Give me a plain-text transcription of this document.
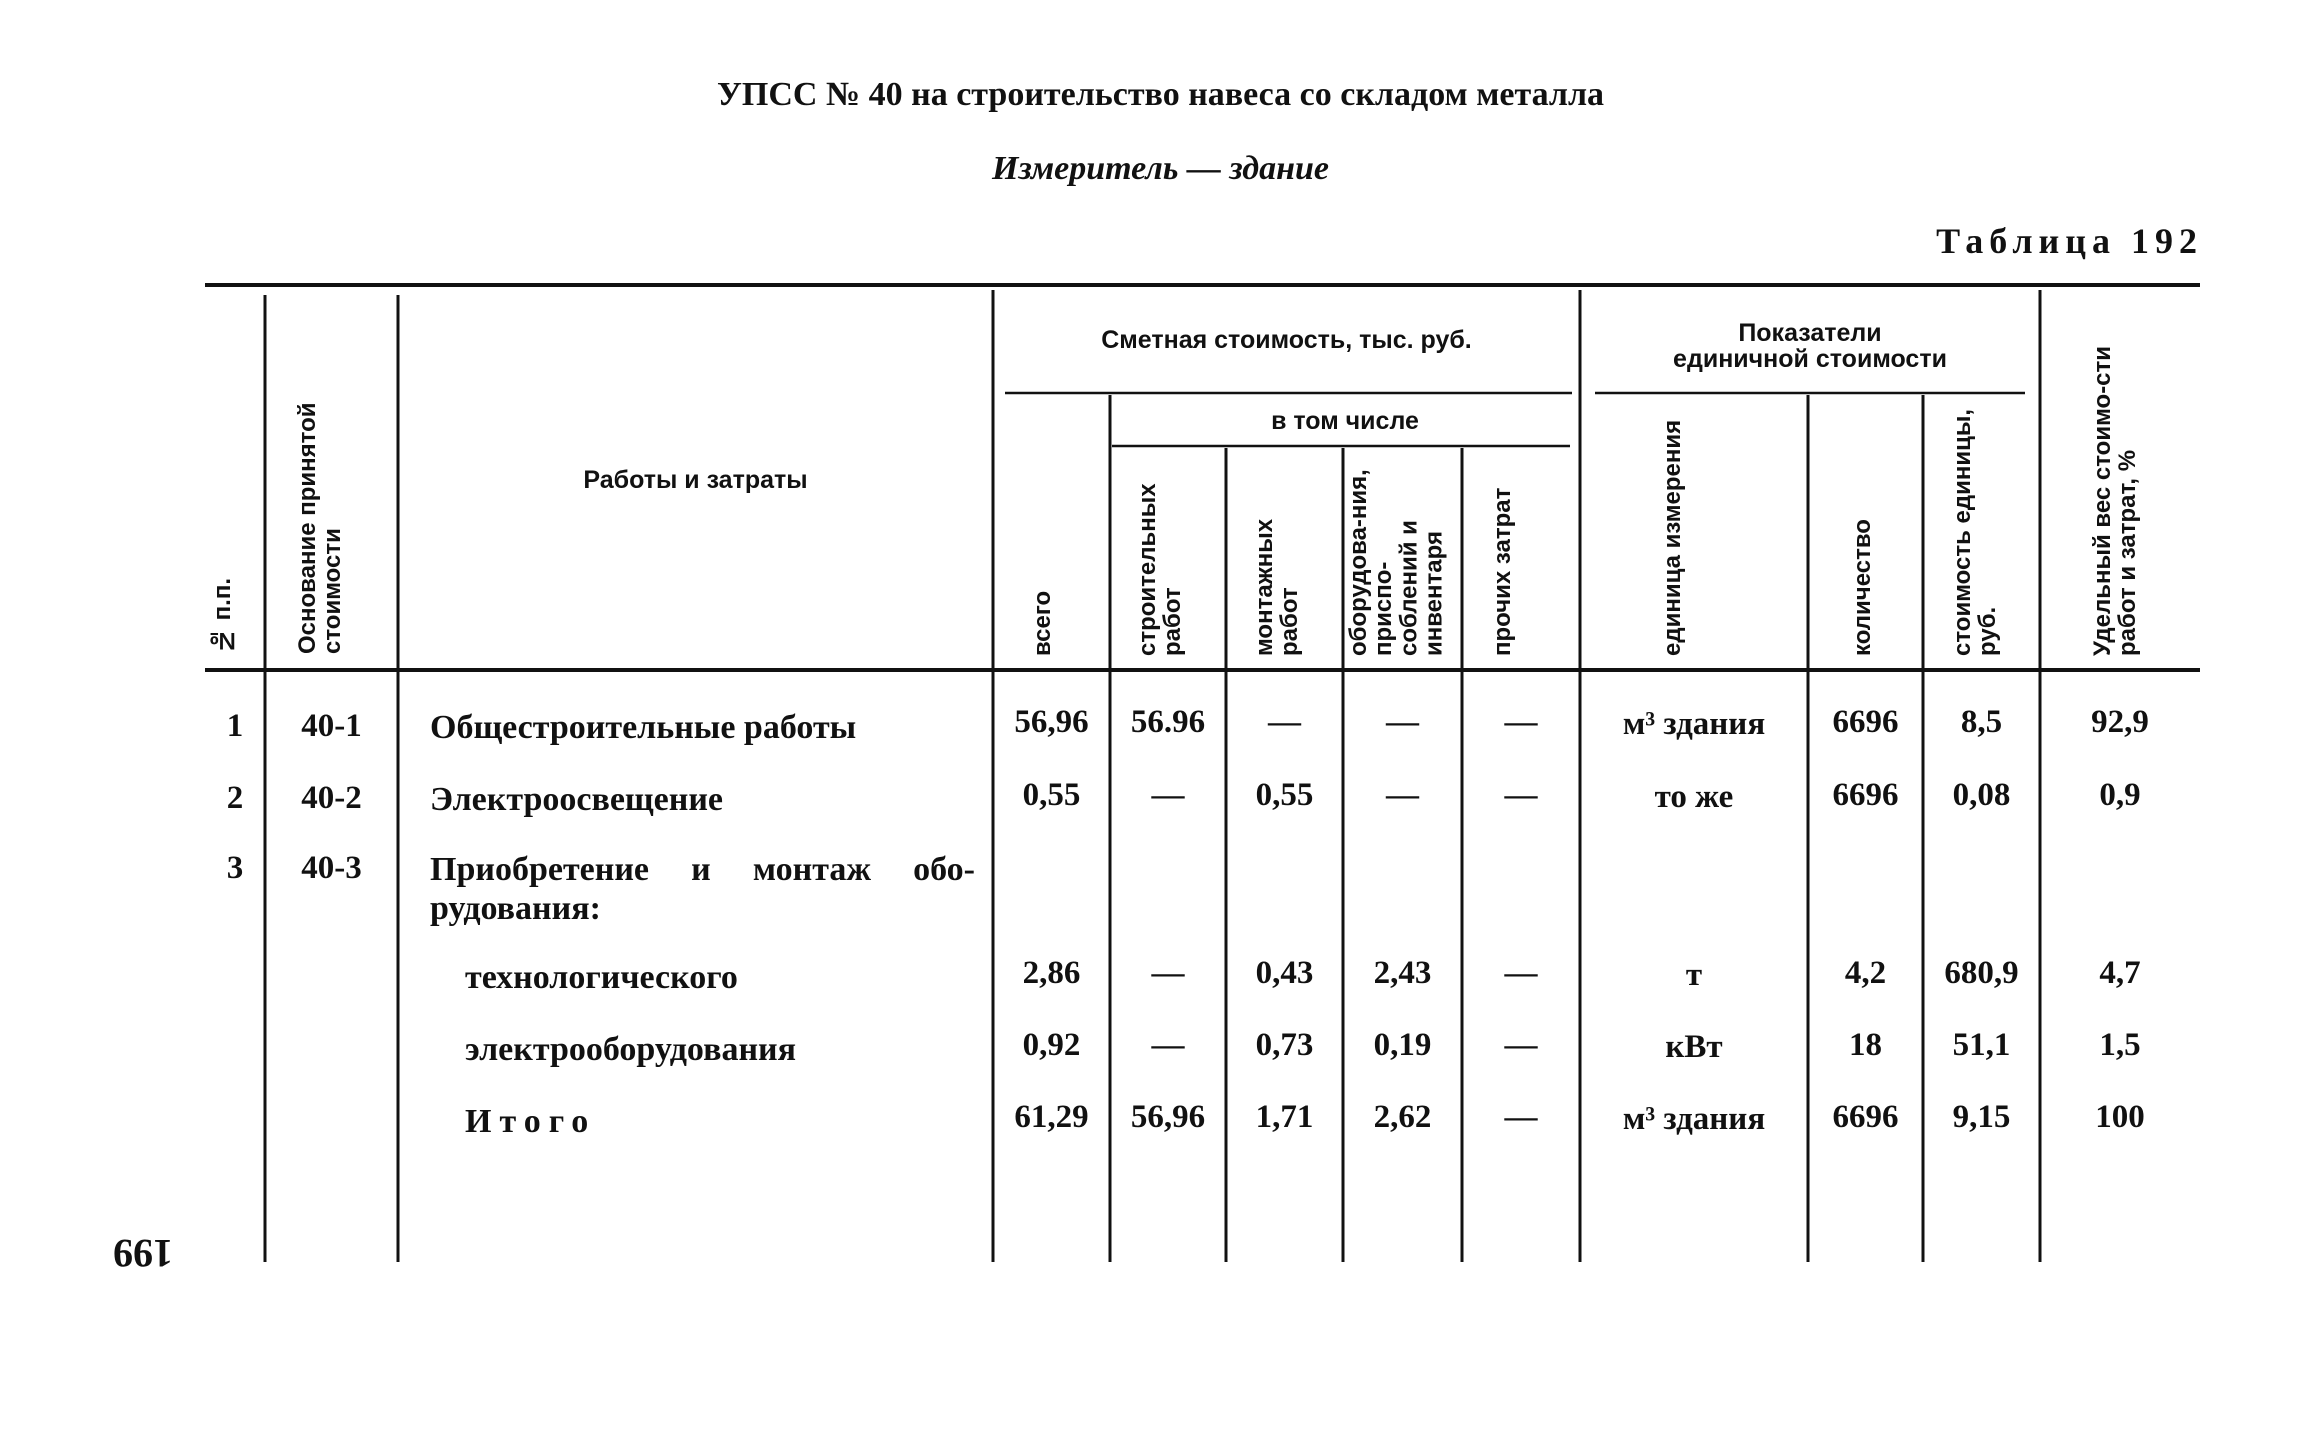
УПСС № 40 на строительство навеса со складом металла
Измеритель — здание
Таблица 192
199
№ п.п.	Основание принятой стоимости
Работы и затраты
Сметная стоимость, тыс. руб.
в том числе
всего	строительных работ	монтажных работ	оборудова-ния, приспо-соблений и инвентаря	прочих затрат
Показатели единичной стоимости
единица измерения	количество	стоимость единицы, руб.	Удельный вес стоимо-сти работ и затрат, %
1	40-1	Общестроительные работы	56,96	56.96	—	—	—	м³ здания	6696	8,5	92,9
2	40-2	Электроосвещение	0,55	—	0,55	—	—	то же	6696	0,08	0,9
3	40-3	Приобретение и монтаж обо-рудования:
технологического	2,86	—	0,43	2,43	—	т	4,2	680,9	4,7
электрооборудования	0,92	—	0,73	0,19	—	кВт	18	51,1	1,5
Итого	61,29	56,96	1,71	2,62	—	м³ здания	6696	9,15	100
